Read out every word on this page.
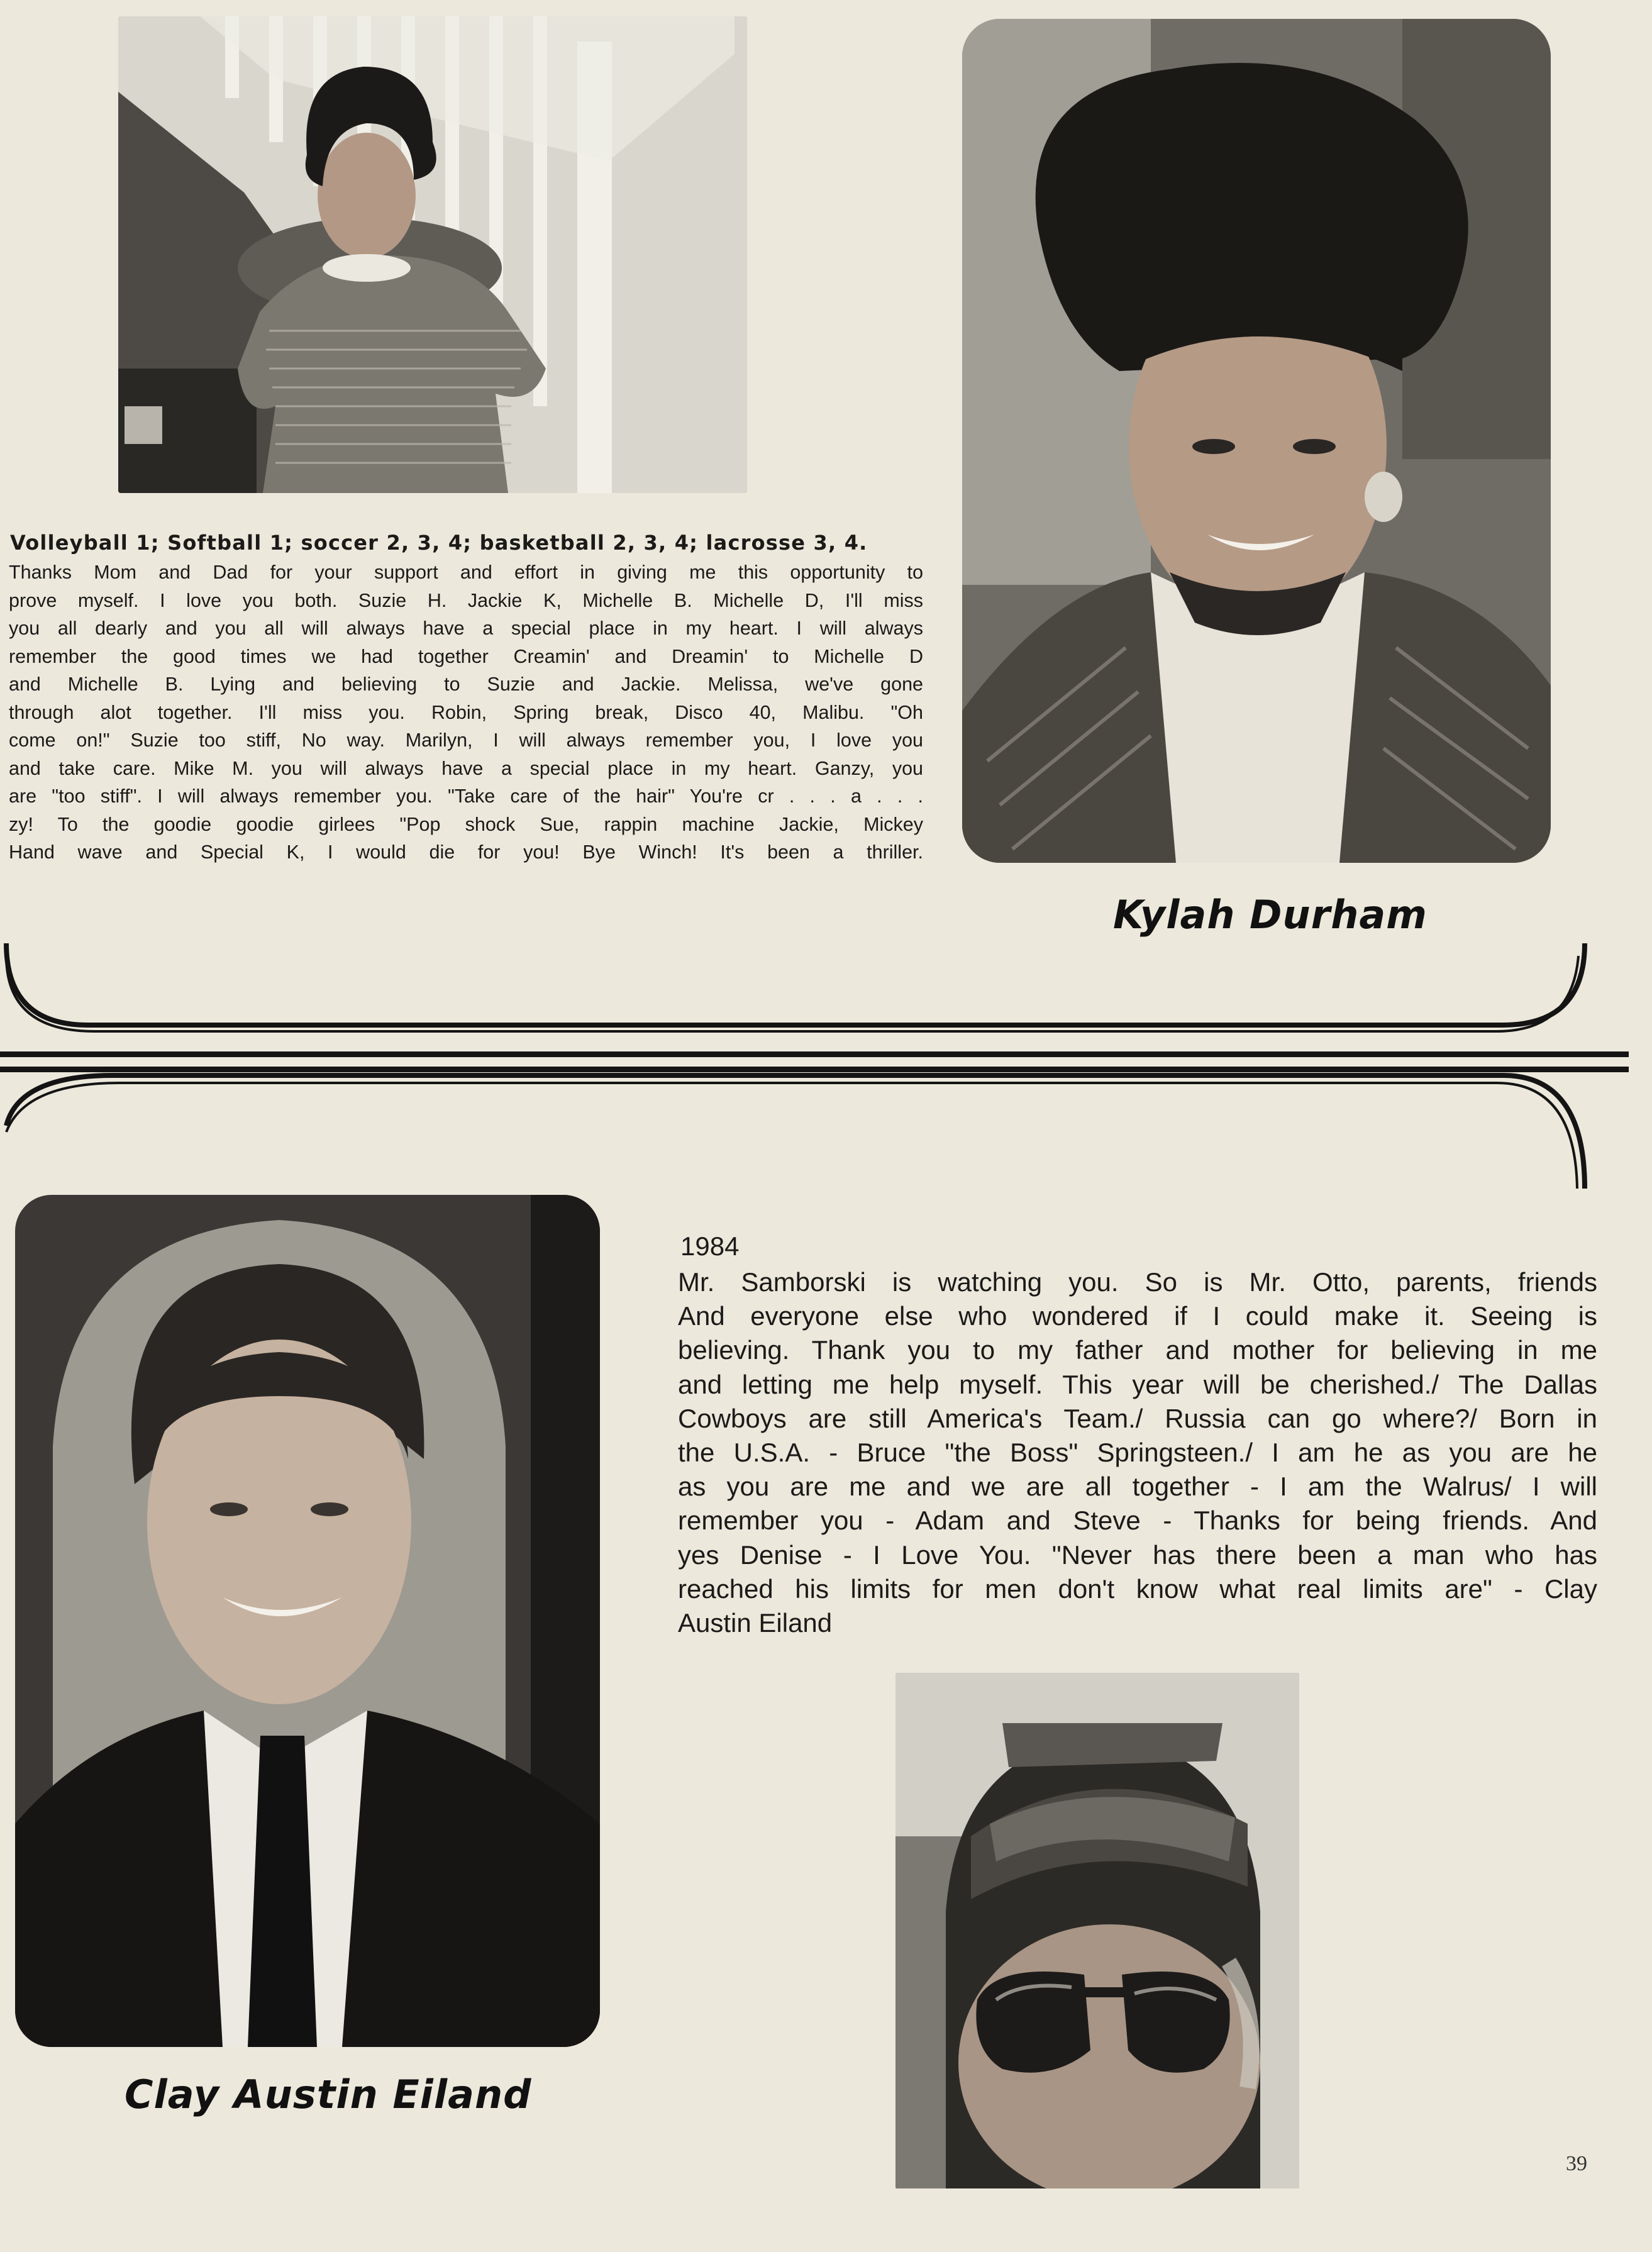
Volleyball 1; Softball 1; soccer 2, 3, 4; basketball 2, 3, 4; lacrosse 3, 4.
Thanks Mom and Dad for your support and effort in giving me this opportunity to
prove myself. I love you both. Suzie H. Jackie K, Michelle B. Michelle D, I'll miss
you all dearly and you all will always have a special place in my heart. I will always
remember the good times we had together Creamin' and Dreamin' to Michelle D
and Michelle B. Lying and believing to Suzie and Jackie. Melissa, we've gone
through alot together. I'll miss you. Robin, Spring break, Disco 40, Malibu. "Oh
come on!" Suzie too stiff, No way. Marilyn, I will always remember you, I love you
and take care. Mike M. you will always have a special place in my heart. Ganzy, you
are "too stiff". I will always remember you. "Take care of the hair" You're cr . . . a . . .
zy! To the goodie goodie girlees "Pop shock Sue, rappin machine Jackie, Mickey
Hand wave and Special K, I would die for you! Bye Winch! It's been a thriller.
Kylah Durham
1984
Mr. Samborski is watching you. So is Mr. Otto, parents, friends
And everyone else who wondered if I could make it. Seeing is
believing. Thank you to my father and mother for believing in me
and letting me help myself. This year will be cherished./ The Dallas
Cowboys are still America's Team./ Russia can go where?/ Born in
the U.S.A. - Bruce "the Boss" Springsteen./ I am he as you are he
as you are me and we are all together - I am the Walrus/ I will
remember you - Adam and Steve - Thanks for being friends. And
yes Denise - I Love You. "Never has there been a man who has
reached his limits for men don't know what real limits are" - Clay
Austin Eiland
Clay Austin Eiland
39
